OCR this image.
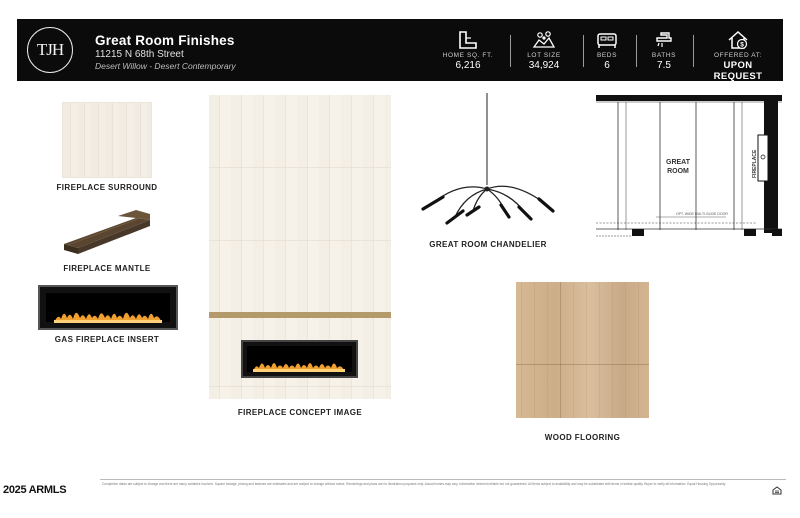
TJH Great Room Finishes
11215 N 68th Street
Desert Willow - Desert Contemporary
HOME SQ. FT.
6,216
LOT SIZE
34,924
BEDS
6
BATHS
7.5
$
OFFERED AT:
UPON REQUEST
FIREPLACE SURROUND
FIREPLACE MANTLE
GAS FIREPLACE INSERT
FIREPLACE CONCEPT IMAGE
GREAT ROOM CHANDELIER
GREAT
ROOM	FIREPLACE
OPT. WIDE MULTI-SLIDE DOOR
WOOD FLOORING
2025 ARMLS	Completion dates are subject to change and there are many variables involved. Square footage, pricing and features are estimated and are subject to change without notice. Renderings and plans are for illustration purposes only. Actual homes may vary. Information deemed reliable but not guaranteed. All items subject to availability and may be substituted with items of similar quality. Buyer to verify all information. Equal Housing Opportunity.
